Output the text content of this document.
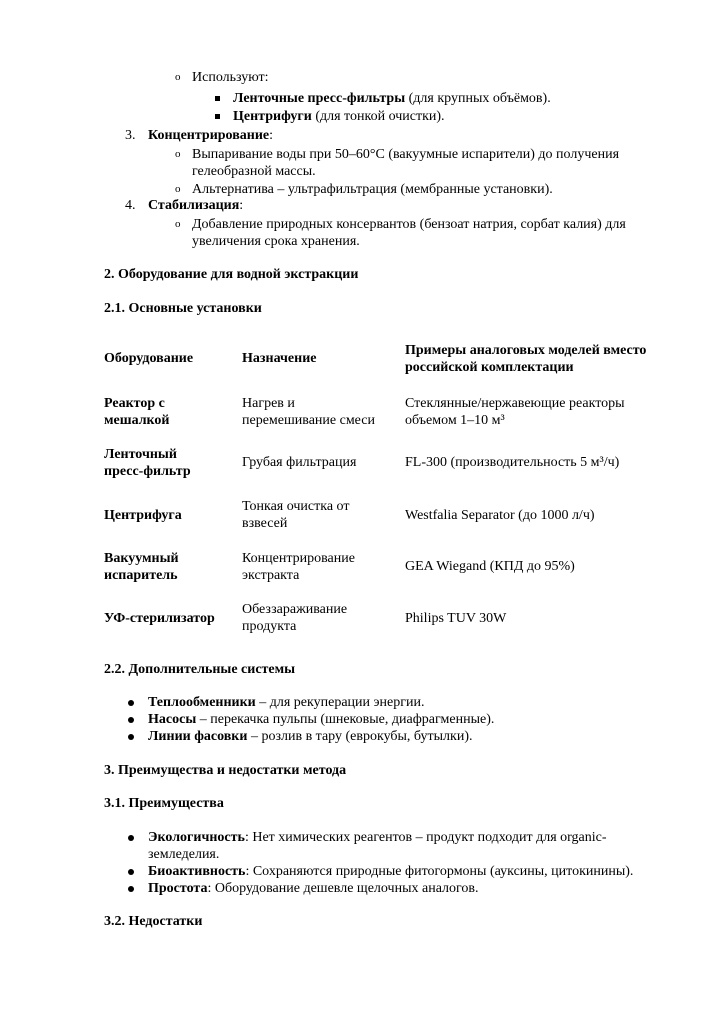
o Используют:
Ленточные пресс-фильтры (для крупных объёмов).
Центрифуги (для тонкой очистки).
3. Концентрирование:
o Выпаривание воды при 50–60°C (вакуумные испарители) до получения
гелеобразной массы.
o Альтернатива – ультрафильтрация (мембранные установки).
4. Стабилизация:
o Добавление природных консервантов (бензоат натрия, сорбат калия) для
увеличения срока хранения.
2. Оборудование для водной экстракции
2.1. Основные установки
Оборудование	Назначение
Примеры аналоговых моделей вместо
российской комплектации
Реактор с
мешалкой
Нагрев и
перемешивание смеси
Стеклянные/нержавеющие реакторы
объемом 1–10 м³
Ленточный
пресс-фильтр
Грубая фильтрация	FL-300 (производительность 5 м³/ч)
Центрифуга
Тонкая очистка от
взвесей
Westfalia Separator (до 1000 л/ч)
Вакуумный
испаритель
Концентрирование
экстракта
GEA Wiegand (КПД до 95%)
УФ-стерилизатор
Обеззараживание
продукта
Philips TUV 30W
2.2. Дополнительные системы
Теплообменники – для рекуперации энергии.
Насосы – перекачка пульпы (шнековые, диафрагменные).
Линии фасовки – розлив в тару (еврокубы, бутылки).
3. Преимущества и недостатки метода
3.1. Преимущества
Экологичность: Нет химических реагентов – продукт подходит для organic-
земледелия.
Биоактивность: Сохраняются природные фитогормоны (ауксины, цитокинины).
Простота: Оборудование дешевле щелочных аналогов.
3.2. Недостатки
